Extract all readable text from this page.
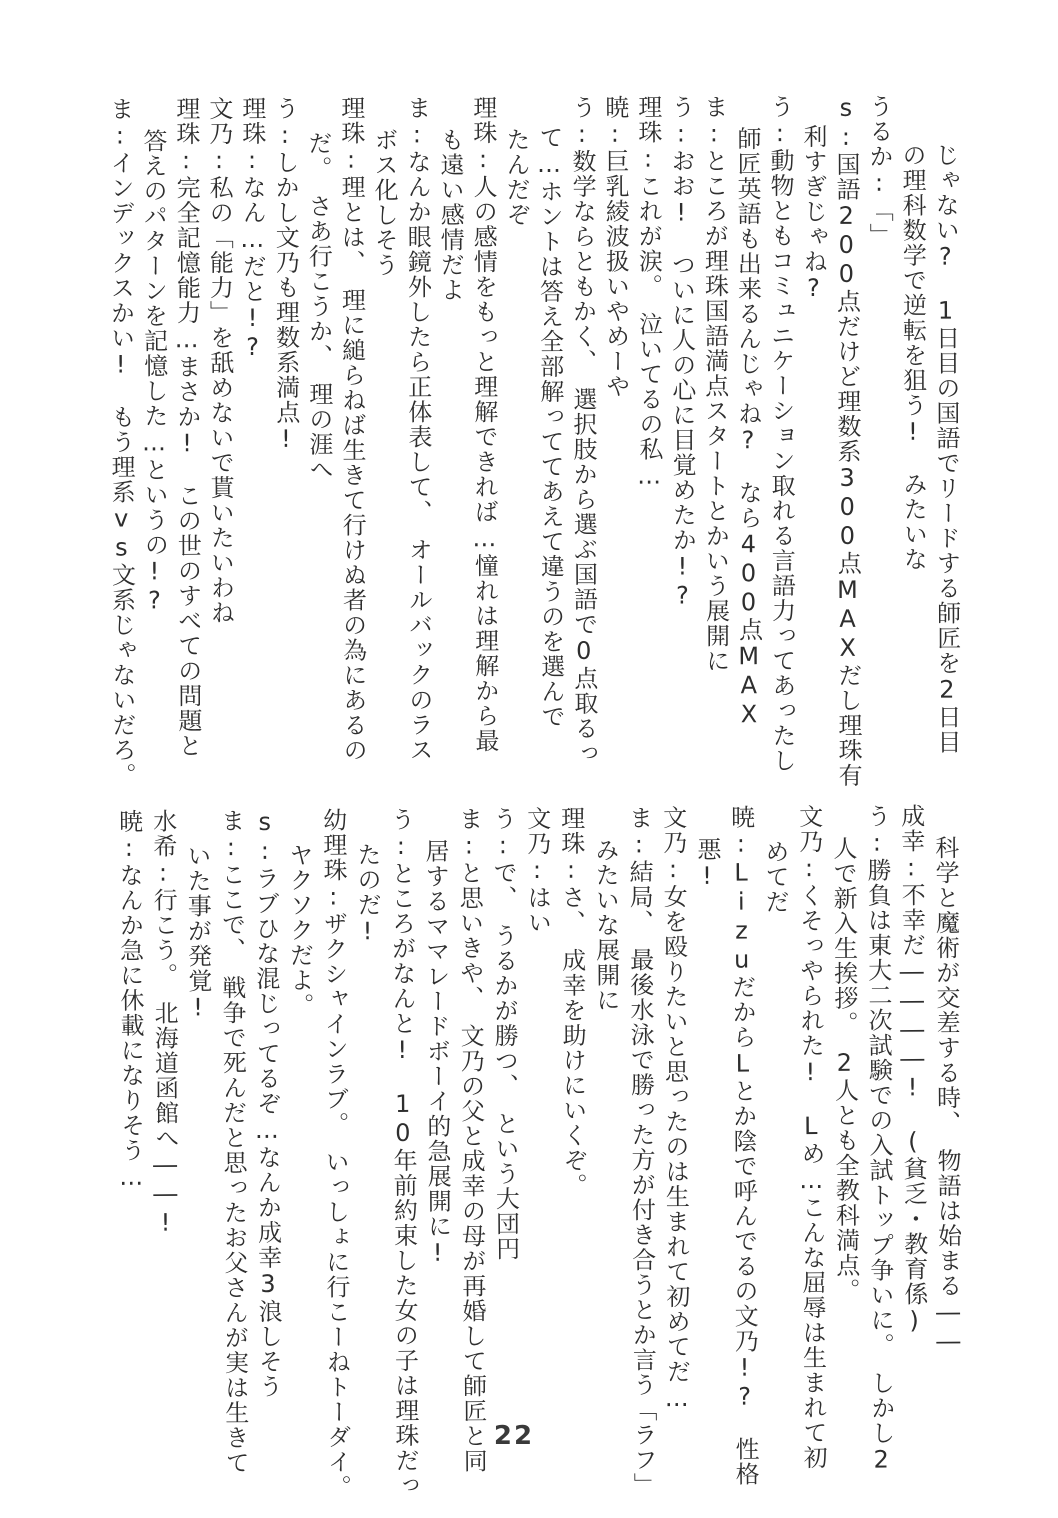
じゃない?　1日目の国語でリードする師匠を2日目
の理科数学で逆転を狙う!　みたいな
うるか:「」
s:国語200点だけど理数系300点MAXだし理珠有
利すぎじゃね?
う:動物ともコミュニケーション取れる言語力ってあったし
師匠英語も出来るんじゃね?　なら400点MAX
ま:ところが理珠国語満点スタートとかいう展開に
う:おお!　ついに人の心に目覚めたか!?
理珠:これが涙。　泣いてるの私…
暁:巨乳綾波扱いやめーや
う:数学ならともかく、　選択肢から選ぶ国語で0点取るっ
て…ホントは答え全部解っててあえて違うのを選んで
たんだぞ
理珠:人の感情をもっと理解できれば…憧れは理解から最
も遠い感情だよ
ま:なんか眼鏡外したら正体表して、　オールバックのラス
ボス化しそう
理珠:理とは、　理に縋らねば生きて行けぬ者の為にあるの
だ。　さあ行こうか、　理の涯へ
う:しかし文乃も理数系満点!
理珠:なん…だと!?
文乃:私の「能力」を舐めないで貰いたいわね
理珠:完全記憶能力…まさか!　この世のすべての問題と
答えのパターンを記憶した…というの!?
ま:インデックスかい!　もう理系vs文系じゃないだろ。
科学と魔術が交差する時、　物語は始まる――
成幸:不幸だ――――!　(貧乏・教育係)
う:勝負は東大二次試験での入試トップ争いに。　しかし2
人で新入生挨拶。　2人とも全教科満点。
文乃:くそっやられた!　Lめ…こんな屈辱は生まれて初
めてだ
暁:LizuだからLとか陰で呼んでるの文乃!?　性格
悪!
文乃:女を殴りたいと思ったのは生まれて初めてだ…
ま:結局、　最後水泳で勝った方が付き合うとか言う「ラフ」
みたいな展開に
理珠:さ、　成幸を助けにいくぞ。
文乃:はい
う:で、　うるかが勝つ、　という大団円
ま:と思いきや、　文乃の父と成幸の母が再婚して師匠と同
居するママレードボーイ的急展開に!
う:ところがなんと!　10年前約束した女の子は理珠だっ
たのだ!
幼理珠:ザクシャインラブ。　いっしょに行こーねトーダイ。
ヤクソクだよ。
s:ラブひな混じってるぞ…なんか成幸3浪しそう
ま:ここで、　戦争で死んだと思ったお父さんが実は生きて
いた事が発覚!
水希:行こう。　北海道函館へ――!
暁:なんか急に休載になりそう…
22
